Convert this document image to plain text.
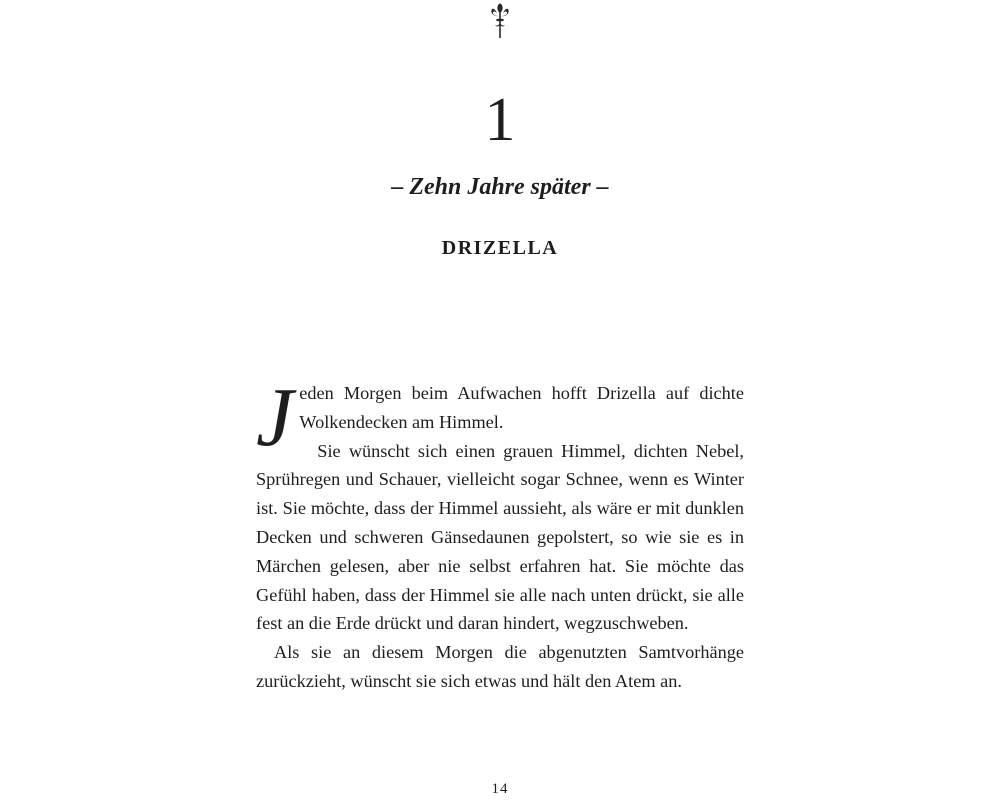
1
– Zehn Jahre später –
DRIZELLA

Jeden Morgen beim Aufwachen hofft Drizella auf dichte Wolkendecken am Himmel.

Sie wünscht sich einen grauen Himmel, dichten Nebel, Sprühregen und Schauer, vielleicht sogar Schnee, wenn es Winter ist. Sie möchte, dass der Himmel aussieht, als wäre er mit dunklen Decken und schweren Gänsedaunen gepolstert, so wie sie es in Märchen gelesen, aber nie selbst erfahren hat. Sie möchte das Gefühl haben, dass der Himmel sie alle nach unten drückt, sie alle fest an die Erde drückt und daran hindert, wegzuschweben.

Als sie an diesem Morgen die abgenutzten Samtvorhänge zurückzieht, wünscht sie sich etwas und hält den Atem an.

14
